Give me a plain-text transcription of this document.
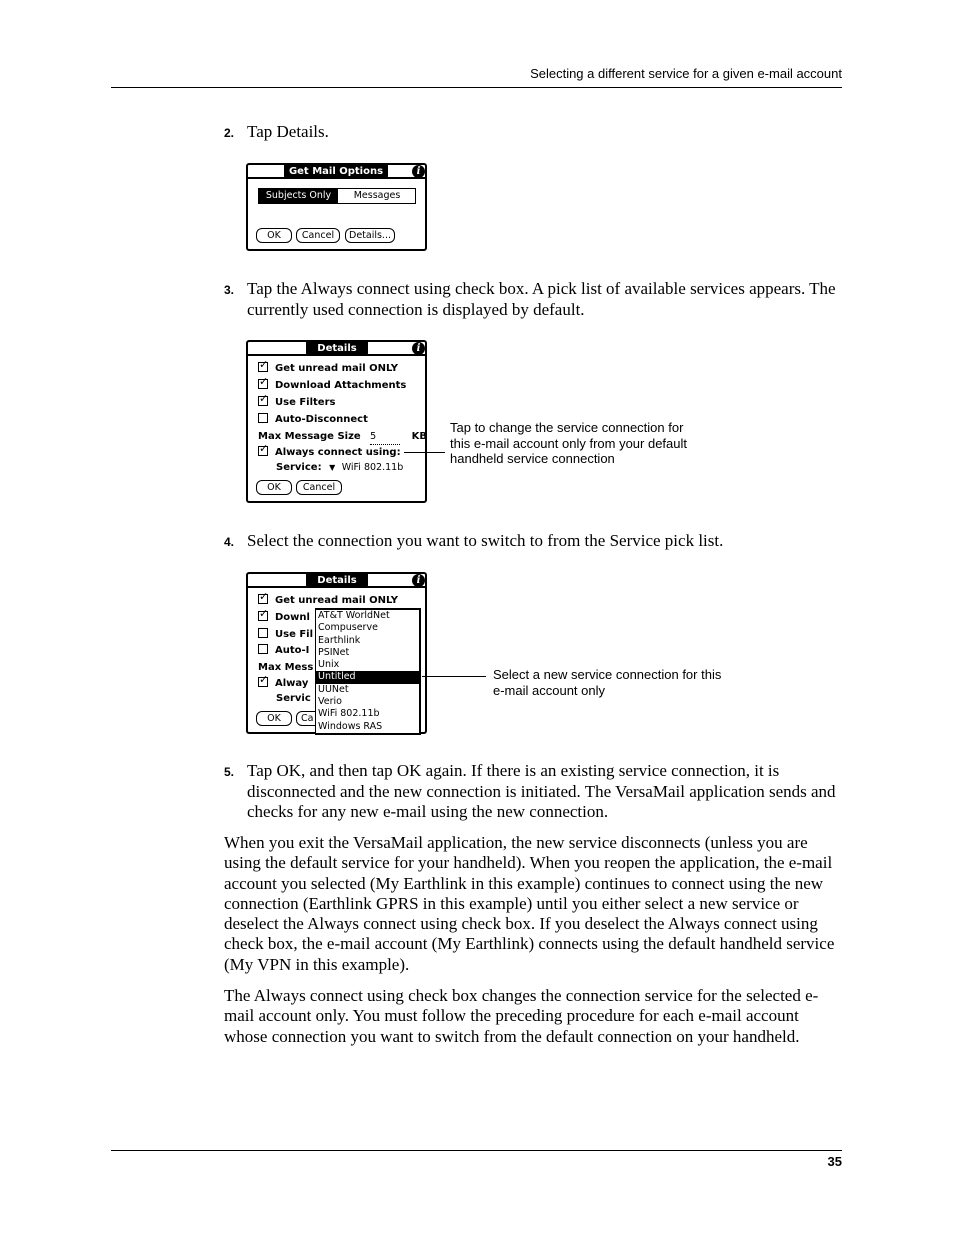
Selecting a different service for a given e-mail account
2. Tap Details.
Get Mail Options	i
Subjects Only	Messages
OK	Cancel	Details...
3. Tap the Always connect using check box. A pick list of available services appears. The currently used connection is displayed by default.
Details	i
✓Get unread mail ONLY
✓Download Attachments
✓Use Filters
Auto-Disconnect
Max Message Size 5	KB
✓Always connect using:
Service: ▼ WiFi 802.11b
OK	Cancel
Tap to change the service connection for this e-mail account only from your default handheld service connection
4. Select the connection you want to switch to from the Service pick list.
Details	i
✓Get unread mail ONLY
✓Downl
Use Fil
Auto-I
Max Mess
✓Alway
Servic
OK	Ca
AT&T WorldNet
Compuserve
Earthlink
PSINet
Unix
Untitled
UUNet
Verio
WiFi 802.11b
Windows RAS
Select a new service connection for this e-mail account only
5. Tap OK, and then tap OK again. If there is an existing service connection, it is disconnected and the new connection is initiated. The VersaMail application sends and checks for any new e-mail using the new connection.
When you exit the VersaMail application, the new service disconnects (unless you are using the default service for your handheld). When you reopen the application, the e-mail account you selected (My Earthlink in this example) continues to connect using the new connection (Earthlink GPRS in this example) until you either select a new service or deselect the Always connect using check box. If you deselect the Always connect using check box, the e-mail account (My Earthlink) connects using the default handheld service (My VPN in this example).
The Always connect using check box changes the connection service for the selected e-mail account only. You must follow the preceding procedure for each e-mail account whose connection you want to switch from the default connection on your handheld.
35
